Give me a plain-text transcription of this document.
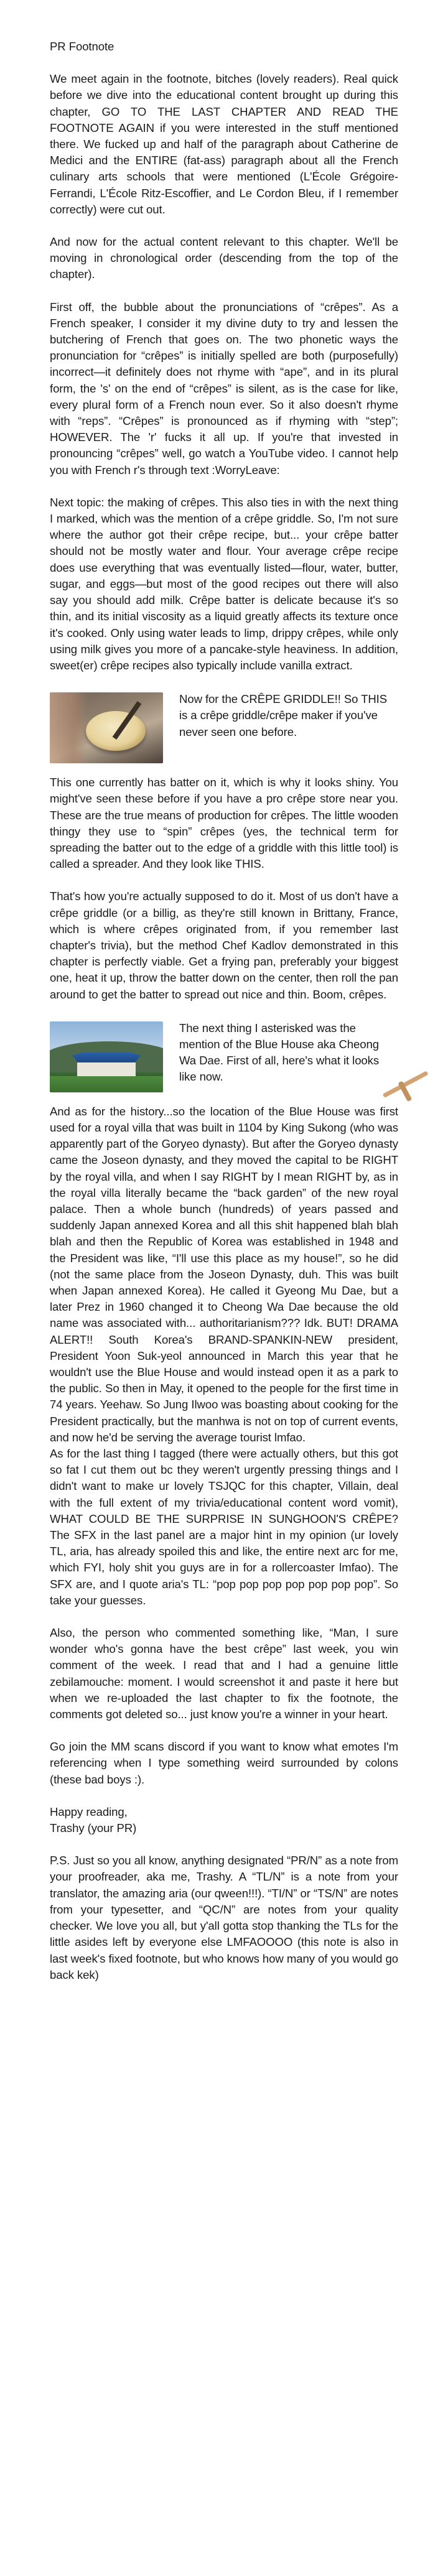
PR Footnote

We meet again in the footnote, bitches (lovely readers). Real quick before we dive into the educational content brought up during this chapter, GO TO THE LAST CHAPTER AND READ THE FOOTNOTE AGAIN if you were interested in the stuff mentioned there. We fucked up and half of the paragraph about Catherine de Medici and the ENTIRE (fat-ass) paragraph about all the French culinary arts schools that were mentioned (L'École Grégoire-Ferrandi, L'École Ritz-Escoffier, and Le Cordon Bleu, if I remember correctly) were cut out.

And now for the actual content relevant to this chapter. We'll be moving in chronological order (descending from the top of the chapter).

First off, the bubble about the pronunciations of “crêpes”. As a French speaker, I consider it my divine duty to try and lessen the butchering of French that goes on. The two phonetic ways the pronunciation for “crêpes” is initially spelled are both (purposefully) incorrect—it definitely does not rhyme with “ape”, and in its plural form, the 's' on the end of “crêpes” is silent, as is the case for like, every plural form of a French noun ever. So it also doesn't rhyme with “reps”. “Crêpes” is pronounced as if rhyming with “step”; HOWEVER. The 'r' fucks it all up. If you're that invested in pronouncing “crêpes” well, go watch a YouTube video. I cannot help you with French r's through text :WorryLeave:

Next topic: the making of crêpes. This also ties in with the next thing I marked, which was the mention of a crêpe griddle. So, I'm not sure where the author got their crêpe recipe, but... your crêpe batter should not be mostly water and flour. Your average crêpe recipe does use everything that was eventually listed—flour, water, butter, sugar, and eggs—but most of the good recipes out there will also say you should add milk. Crêpe batter is delicate because it's so thin, and its initial viscosity as a liquid greatly affects its texture once it's cooked. Only using water leads to limp, drippy crêpes, while only using milk gives you more of a pancake-style heaviness. In addition, sweet(er) crêpe recipes also typically include vanilla extract.

Now for the CRÊPE GRIDDLE!! So THIS is a crêpe griddle/crêpe maker if you've never seen one before.

This one currently has batter on it, which is why it looks shiny. You might've seen these before if you have a pro crêpe store near you. These are the true means of production for crêpes. The little wooden thingy they use to “spin” crêpes (yes, the technical term for spreading the batter out to the edge of a griddle with this little tool) is called a spreader. And they look like THIS.

That's how you're actually supposed to do it. Most of us don't have a crêpe griddle (or a billig, as they're still known in Brittany, France, which is where crêpes originated from, if you remember last chapter's trivia), but the method Chef Kadlov demonstrated in this chapter is perfectly viable. Get a frying pan, preferably your biggest one, heat it up, throw the batter down on the center, then roll the pan around to get the batter to spread out nice and thin. Boom, crêpes.

The next thing I asterisked was the mention of the Blue House aka Cheong Wa Dae. First of all, here's what it looks like now.

And as for the history...so the location of the Blue House was first used for a royal villa that was built in 1104 by King Sukong (who was apparently part of the Goryeo dynasty). But after the Goryeo dynasty came the Joseon dynasty, and they moved the capital to be RIGHT by the royal villa, and when I say RIGHT by I mean RIGHT by, as in the royal villa literally became the “back garden” of the new royal palace. Then a whole bunch (hundreds) of years passed and suddenly Japan annexed Korea and all this shit happened blah blah blah and then the Republic of Korea was established in 1948 and the President was like, “I'll use this place as my house!”, so he did (not the same place from the Joseon Dynasty, duh. This was built when Japan annexed Korea). He called it Gyeong Mu Dae, but a later Prez in 1960 changed it to Cheong Wa Dae because the old name was associated with... authoritarianism??? Idk. BUT! DRAMA ALERT!! South Korea's BRAND-SPANKIN-NEW president, President Yoon Suk-yeol announced in March this year that he wouldn't use the Blue House and would instead open it as a park to the public. So then in May, it opened to the people for the first time in 74 years. Yeehaw. So Jung Ilwoo was boasting about cooking for the President practically, but the manhwa is not on top of current events, and now he'd be serving the average tourist lmfao.

As for the last thing I tagged (there were actually others, but this got so fat I cut them out bc they weren't urgently pressing things and I didn't want to make ur lovely TSJQC for this chapter, Villain, deal with the full extent of my trivia/educational content word vomit), WHAT COULD BE THE SURPRISE IN SUNGHOON'S CRÊPE? The SFX in the last panel are a major hint in my opinion (ur lovely TL, aria, has already spoiled this and like, the entire next arc for me, which FYI, holy shit you guys are in for a rollercoaster lmfao). The SFX are, and I quote aria's TL: “pop pop pop pop pop pop pop”. So take your guesses.

Also, the person who commented something like, “Man, I sure wonder who's gonna have the best crêpe” last week, you win comment of the week. I read that and I had a genuine little zebilamouche: moment. I would screenshot it and paste it here but when we re-uploaded the last chapter to fix the footnote, the comments got deleted so... just know you're a winner in your heart.

Go join the MM scans discord if you want to know what emotes I'm referencing when I type something weird surrounded by colons (these bad boys :).

Happy reading,
Trashy (your PR)

P.S. Just so you all know, anything designated “PR/N” as a note from your proofreader, aka me, Trashy. A “TL/N” is a note from your translator, the amazing aria (our qween!!!). “TI/N” or “TS/N” are notes from your typesetter, and “QC/N” are notes from your quality checker. We love you all, but y'all gotta stop thanking the TLs for the little asides left by everyone else LMFAOOOO (this note is also in last week's fixed footnote, but who knows how many of you would go back kek)
